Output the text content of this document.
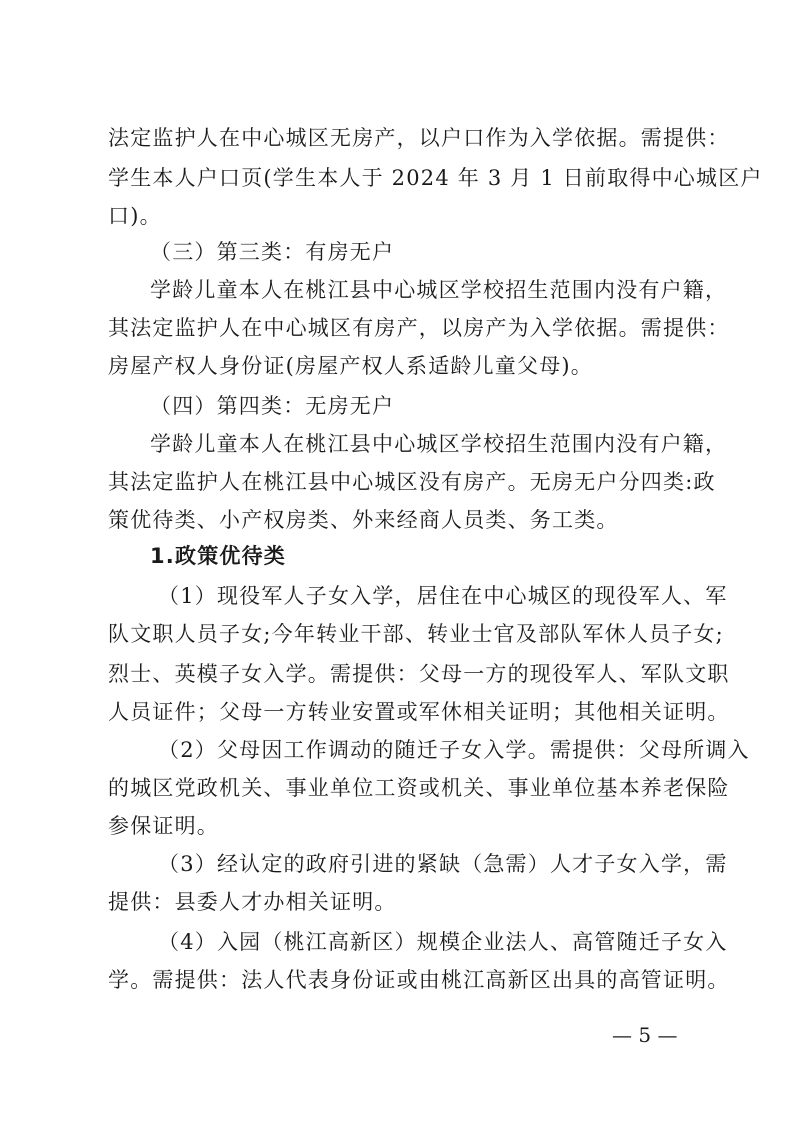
法定监护人在中心城区无房产，以户口作为入学依据。需提供：
学生本人户口页(学生本人于 2024 年 3 月 1 日前取得中心城区户
口)。
（三）第三类：有房无户
学龄儿童本人在桃江县中心城区学校招生范围内没有户籍，
其法定监护人在中心城区有房产，以房产为入学依据。需提供：
房屋产权人身份证(房屋产权人系适龄儿童父母)。
（四）第四类：无房无户
学龄儿童本人在桃江县中心城区学校招生范围内没有户籍，
其法定监护人在桃江县中心城区没有房产。无房无户分四类:政
策优待类、小产权房类、外来经商人员类、务工类。
1.政策优待类
（1）现役军人子女入学，居住在中心城区的现役军人、军
队文职人员子女;今年转业干部、转业士官及部队军休人员子女;
烈士、英模子女入学。需提供：父母一方的现役军人、军队文职
人员证件；父母一方转业安置或军休相关证明；其他相关证明。
（2）父母因工作调动的随迁子女入学。需提供：父母所调入
的城区党政机关、事业单位工资或机关、事业单位基本养老保险
参保证明。
（3）经认定的政府引进的紧缺（急需）人才子女入学，需
提供：县委人才办相关证明。
（4）入园（桃江高新区）规模企业法人、高管随迁子女入
学。需提供：法人代表身份证或由桃江高新区出具的高管证明。
— 5 —
